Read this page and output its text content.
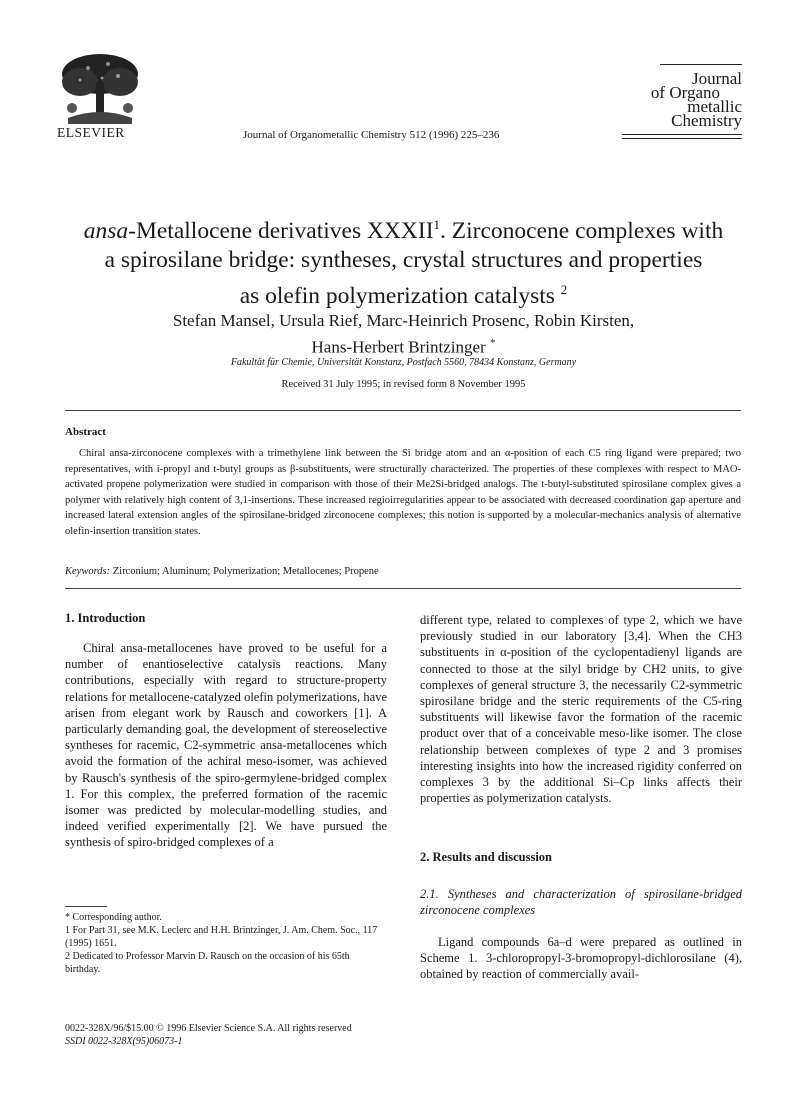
ELSEVIER	Journal of Organometallic Chemistry 512 (1996) 225–236
Journal
of Organo
metallic
Chemistry
ansa-Metallocene derivatives XXXII$^1$. Zirconocene complexes with
a spirosilane bridge: syntheses, crystal structures and properties
as olefin polymerization catalysts $^2$
Stefan Mansel, Ursula Rief, Marc-Heinrich Prosenc, Robin Kirsten,
Hans-Herbert Brintzinger *
Fakultät für Chemie, Universität Konstanz, Postfach 5560, 78434 Konstanz, Germany
Received 31 July 1995; in revised form 8 November 1995
Abstract
Chiral ansa-zirconocene complexes with a trimethylene link between the Si bridge atom and an α-position of each C5 ring ligand were prepared; two representatives, with i-propyl and t-butyl groups as β-substituents, were structurally characterized. The properties of these complexes with respect to MAO-activated propene polymerization were studied in comparison with those of their Me2Si-bridged analogs. The t-butyl-substituted spirosilane complex gives a polymer with relatively high content of 3,1-insertions. These increased regioirregularities appear to be associated with decreased coordination gap aperture and increased lateral extension angles of the spirosilane-bridged zirconocene complexes; this notion is supported by a molecular-mechanics analysis of alternative olefin-insertion transition states.
Keywords: Zirconium; Aluminum; Polymerization; Metallocenes; Propene
1. Introduction

Chiral ansa-metallocenes have proved to be useful for a number of enantioselective catalysis reactions. Many contributions, especially with regard to structure-property relations for metallocene-catalyzed olefin polymerizations, have arisen from elegant work by Rausch and coworkers [1]. A particularly demanding goal, the development of stereoselective syntheses for racemic, C2-symmetric ansa-metallocenes which avoid the formation of the achiral meso-isomer, was achieved by Rausch's synthesis of the spiro-germylene-bridged complex 1. For this complex, the preferred formation of the racemic isomer was predicted by molecular-modelling studies, and indeed verified experimentally [2]. We have pursued the synthesis of spiro-bridged complexes of a

* Corresponding author.
1 For Part 31, see M.K. Leclerc and H.H. Brintzinger, J. Am. Chem. Soc., 117 (1995) 1651.
2 Dedicated to Professor Marvin D. Rausch on the occasion of his 65th birthday.
0022-328X/96/$15.00 © 1996 Elsevier Science S.A. All rights reserved
SSDI 0022-328X(95)06073-1

different type, related to complexes of type 2, which we have previously studied in our laboratory [3,4]. When the CH3 substituents in α-position of the cyclopentadienyl ligands are connected to those at the silyl bridge by CH2 units, to give complexes of general structure 3, the necessarily C2-symmetric spirosilane bridge and the steric requirements of the C5-ring substituents will likewise favor the formation of the racemic product over that of a conceivable meso-like isomer. The close relationship between complexes of type 2 and 3 promises interesting insights into how the increased rigidity conferred on complexes 3 by the additional Si–Cp links affects their properties as polymerization catalysts.

2. Results and discussion
2.1. Syntheses and characterization of spirosilane-bridged zirconocene complexes

Ligand compounds 6a–d were prepared as outlined in Scheme 1. 3-chloropropyl-3-bromopropyl-dichlorosilane (4), obtained by reaction of commercially avail-
